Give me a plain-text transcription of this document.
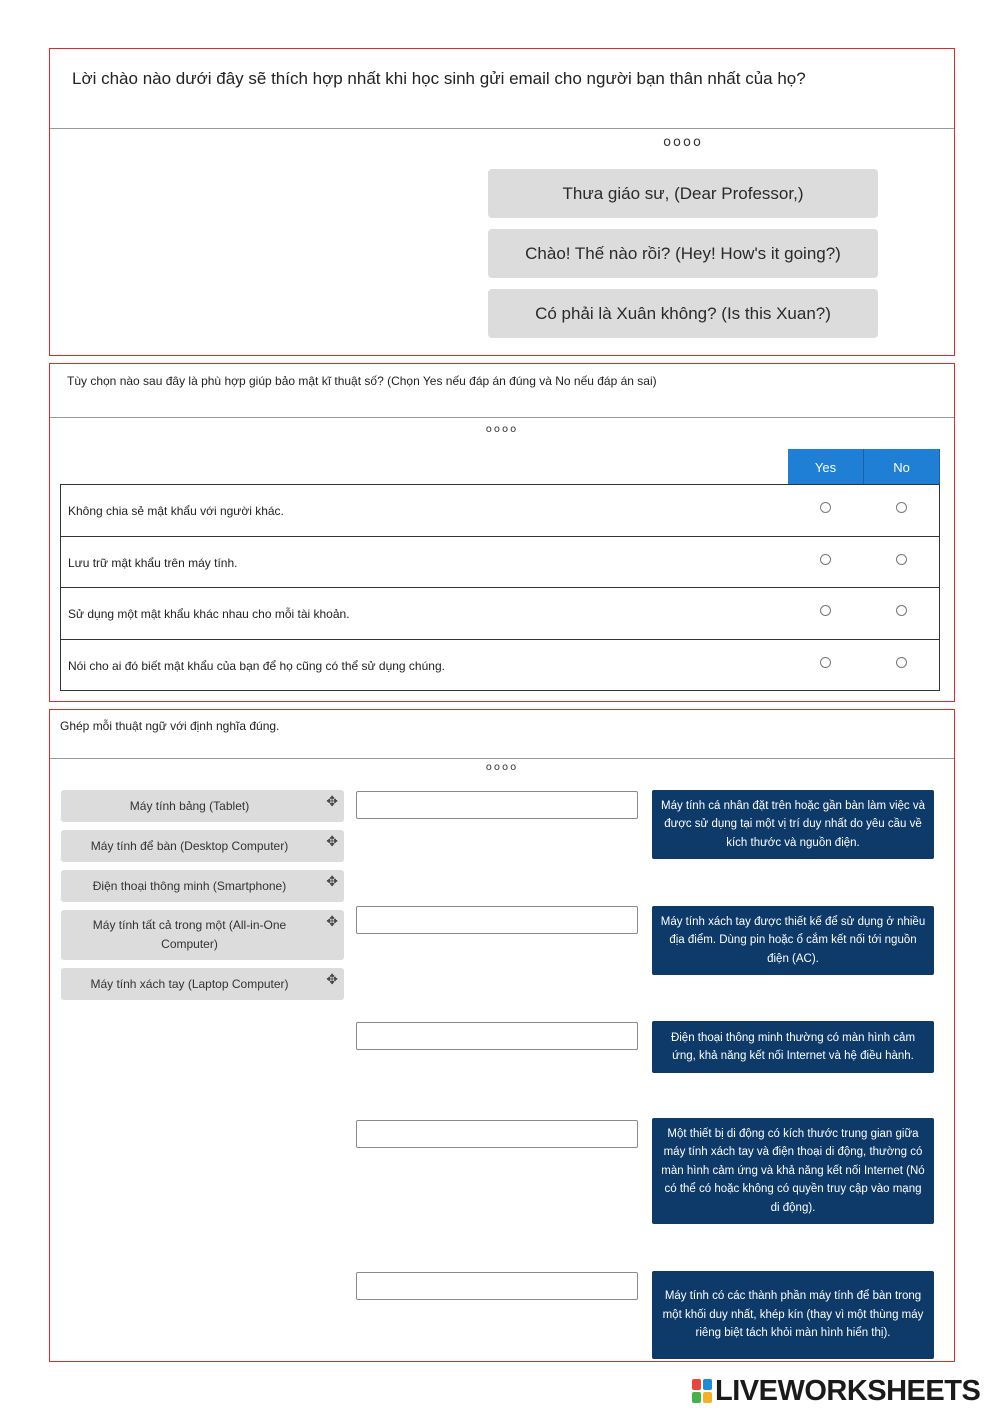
Lời chào nào dưới đây sẽ thích hợp nhất khi học sinh gửi email cho người bạn thân nhất của họ?
oooo
Thưa giáo sư, (Dear Professor,)
Chào! Thế nào rồi? (Hey! How's it going?)
Có phải là Xuân không? (Is this Xuan?)
Tùy chọn nào sau đây là phù hợp giúp bảo mật kĩ thuật số? (Chọn Yes nếu đáp án đúng và No nếu đáp án sai)
oooo
Yes	No
Không chia sẻ mật khẩu với người khác.
Lưu trữ mật khẩu trên máy tính.
Sử dụng một mật khẩu khác nhau cho mỗi tài khoản.
Nói cho ai đó biết mật khẩu của bạn để họ cũng có thể sử dụng chúng.
Ghép mỗi thuật ngữ với định nghĩa đúng.
oooo
Máy tính bảng (Tablet)	✥
Máy tính để bàn (Desktop Computer)	✥
Điện thoại thông minh (Smartphone)	✥
Máy tính tất cả trong một (All-in-One Computer)
✥
Máy tính xách tay (Laptop Computer)	✥
Máy tính cá nhân đặt trên hoặc gần bàn làm việc và được sử dụng tại một vị trí duy nhất do yêu cầu về kích thước và nguồn điện.
Máy tính xách tay được thiết kế để sử dụng ở nhiều địa điểm. Dùng pin hoặc ổ cắm kết nối tới nguồn điện (AC).
Điện thoại thông minh thường có màn hình cảm ứng, khả năng kết nối Internet và hệ điều hành.
Một thiết bị di động có kích thước trung gian giữa máy tính xách tay và điện thoại di động, thường có màn hình cảm ứng và khả năng kết nối Internet (Nó có thể có hoặc không có quyền truy cập vào mạng di động).
Máy tính có các thành phần máy tính để bàn trong một khối duy nhất, khép kín (thay vì một thùng máy riêng biệt tách khỏi màn hình hiển thị).
LIVEWORKSHEETS
